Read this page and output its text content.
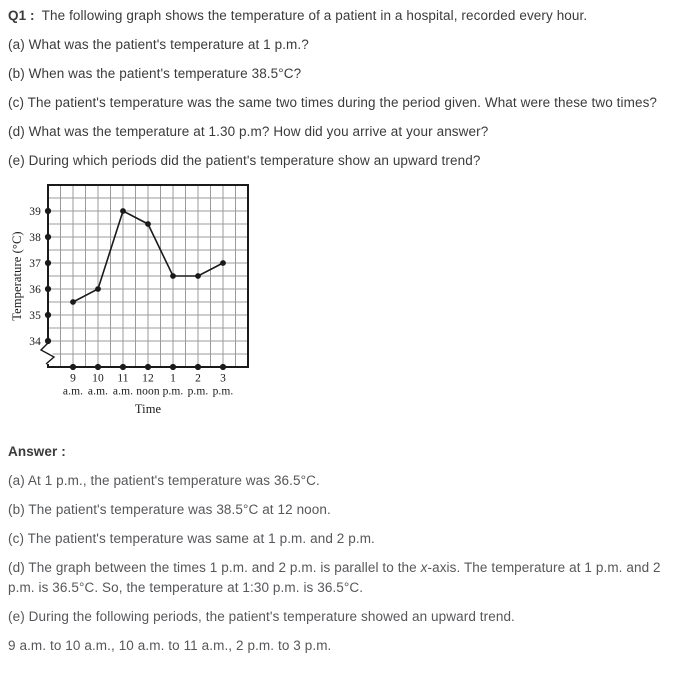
Q1 : The following graph shows the temperature of a patient in a hospital, recorded every hour.

(a) What was the patient's temperature at 1 p.m.?

(b) When was the patient's temperature 38.5°C?

(c) The patient's temperature was the same two times during the period given. What were these two times?

(d) What was the temperature at 1.30 p.m? How did you arrive at your answer?

(e) During which periods did the patient's temperature show an upward trend?

34
35
36
37
38
39
9
a.m.
10
a.m.
11
a.m.
12
noon
1
p.m.
2
p.m.
3
p.m.
Time
Temperature (°C)

Answer :

(a) At 1 p.m., the patient's temperature was 36.5°C.

(b) The patient's temperature was 38.5°C at 12 noon.

(c) The patient's temperature was same at 1 p.m. and 2 p.m.

(d) The graph between the times 1 p.m. and 2 p.m. is parallel to the x-axis. The temperature at 1 p.m. and 2 p.m. is 36.5°C. So, the temperature at 1:30 p.m. is 36.5°C.

(e) During the following periods, the patient's temperature showed an upward trend.

9 a.m. to 10 a.m., 10 a.m. to 11 a.m., 2 p.m. to 3 p.m.
